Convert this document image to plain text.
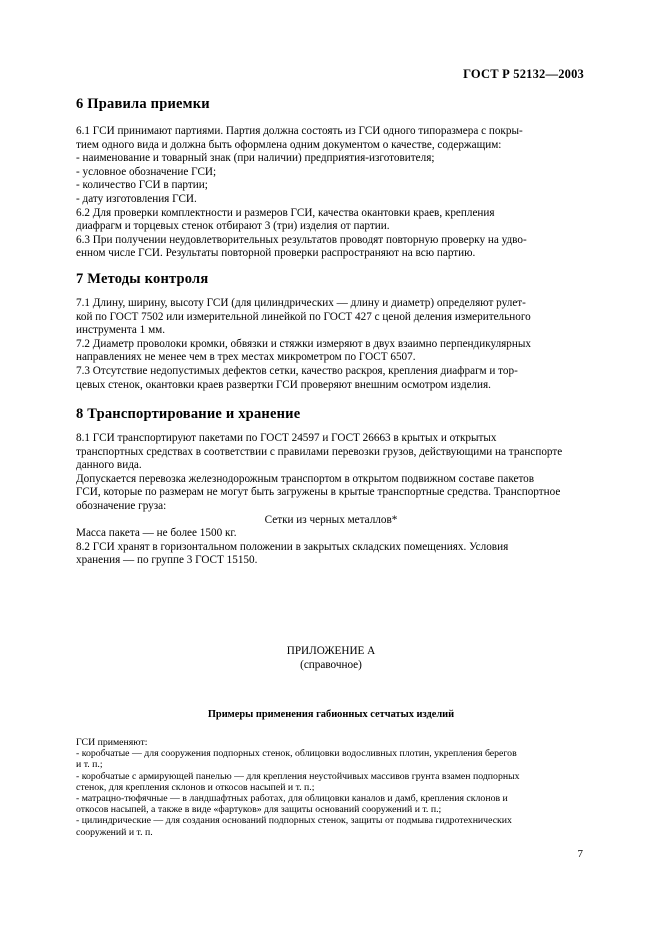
ГОСТ Р 52132—2003
6 Правила приемки
6.1 ГСИ принимают партиями. Партия должна состоять из ГСИ одного типоразмера с покры-
тием одного вида и должна быть оформлена одним документом о качестве, содержащим:
- наименование и товарный знак (при наличии) предприятия-изготовителя;
- условное обозначение ГСИ;
- количество ГСИ в партии;
- дату изготовления ГСИ.
6.2 Для проверки комплектности и размеров ГСИ, качества окантовки краев, крепления
диафрагм и торцевых стенок отбирают 3 (три) изделия от партии.
6.3 При получении неудовлетворительных результатов проводят повторную проверку на удво-
енном числе ГСИ. Результаты повторной проверки распространяют на всю партию.
7 Методы контроля
7.1 Длину, ширину, высоту ГСИ (для цилиндрических — длину и диаметр) определяют рулет-
кой по ГОСТ 7502 или измерительной линейкой по ГОСТ 427 с ценой деления измерительного
инструмента 1 мм.
7.2 Диаметр проволоки кромки, обвязки и стяжки измеряют в двух взаимно перпендикулярных
направлениях не менее чем в трех местах микрометром по ГОСТ 6507.
7.3 Отсутствие недопустимых дефектов сетки, качество раскроя, крепления диафрагм и тор-
цевых стенок, окантовки краев развертки ГСИ проверяют внешним осмотром изделия.
8 Транспортирование и хранение
8.1 ГСИ транспортируют пакетами по ГОСТ 24597 и ГОСТ 26663 в крытых и открытых
транспортных средствах в соответствии с правилами перевозки грузов, действующими на транспорте
данного вида.
Допускается перевозка железнодорожным транспортом в открытом подвижном составе пакетов
ГСИ, которые по размерам не могут быть загружены в крытые транспортные средства. Транспортное
обозначение груза:
Сетки из черных металлов*
Масса пакета — не более 1500 кг.
8.2 ГСИ хранят в горизонтальном положении в закрытых складских помещениях. Условия
хранения — по группе 3 ГОСТ 15150.
ПРИЛОЖЕНИЕ А
(справочное)
Примеры применения габионных сетчатых изделий
ГСИ применяют:
- коробчатые — для сооружения подпорных стенок, облицовки водосливных плотин, укрепления берегов
и т. п.;
- коробчатые с армирующей панелью — для крепления неустойчивых массивов грунта взамен подпорных
стенок, для крепления склонов и откосов насыпей и т. п.;
- матрацно-тюфячные — в ландшафтных работах, для облицовки каналов и дамб, крепления склонов и
откосов насыпей, а также в виде «фартуков» для защиты оснований сооружений и т. п.;
- цилиндрические — для создания оснований подпорных стенок, защиты от подмыва гидротехнических
сооружений и т. п.
7
